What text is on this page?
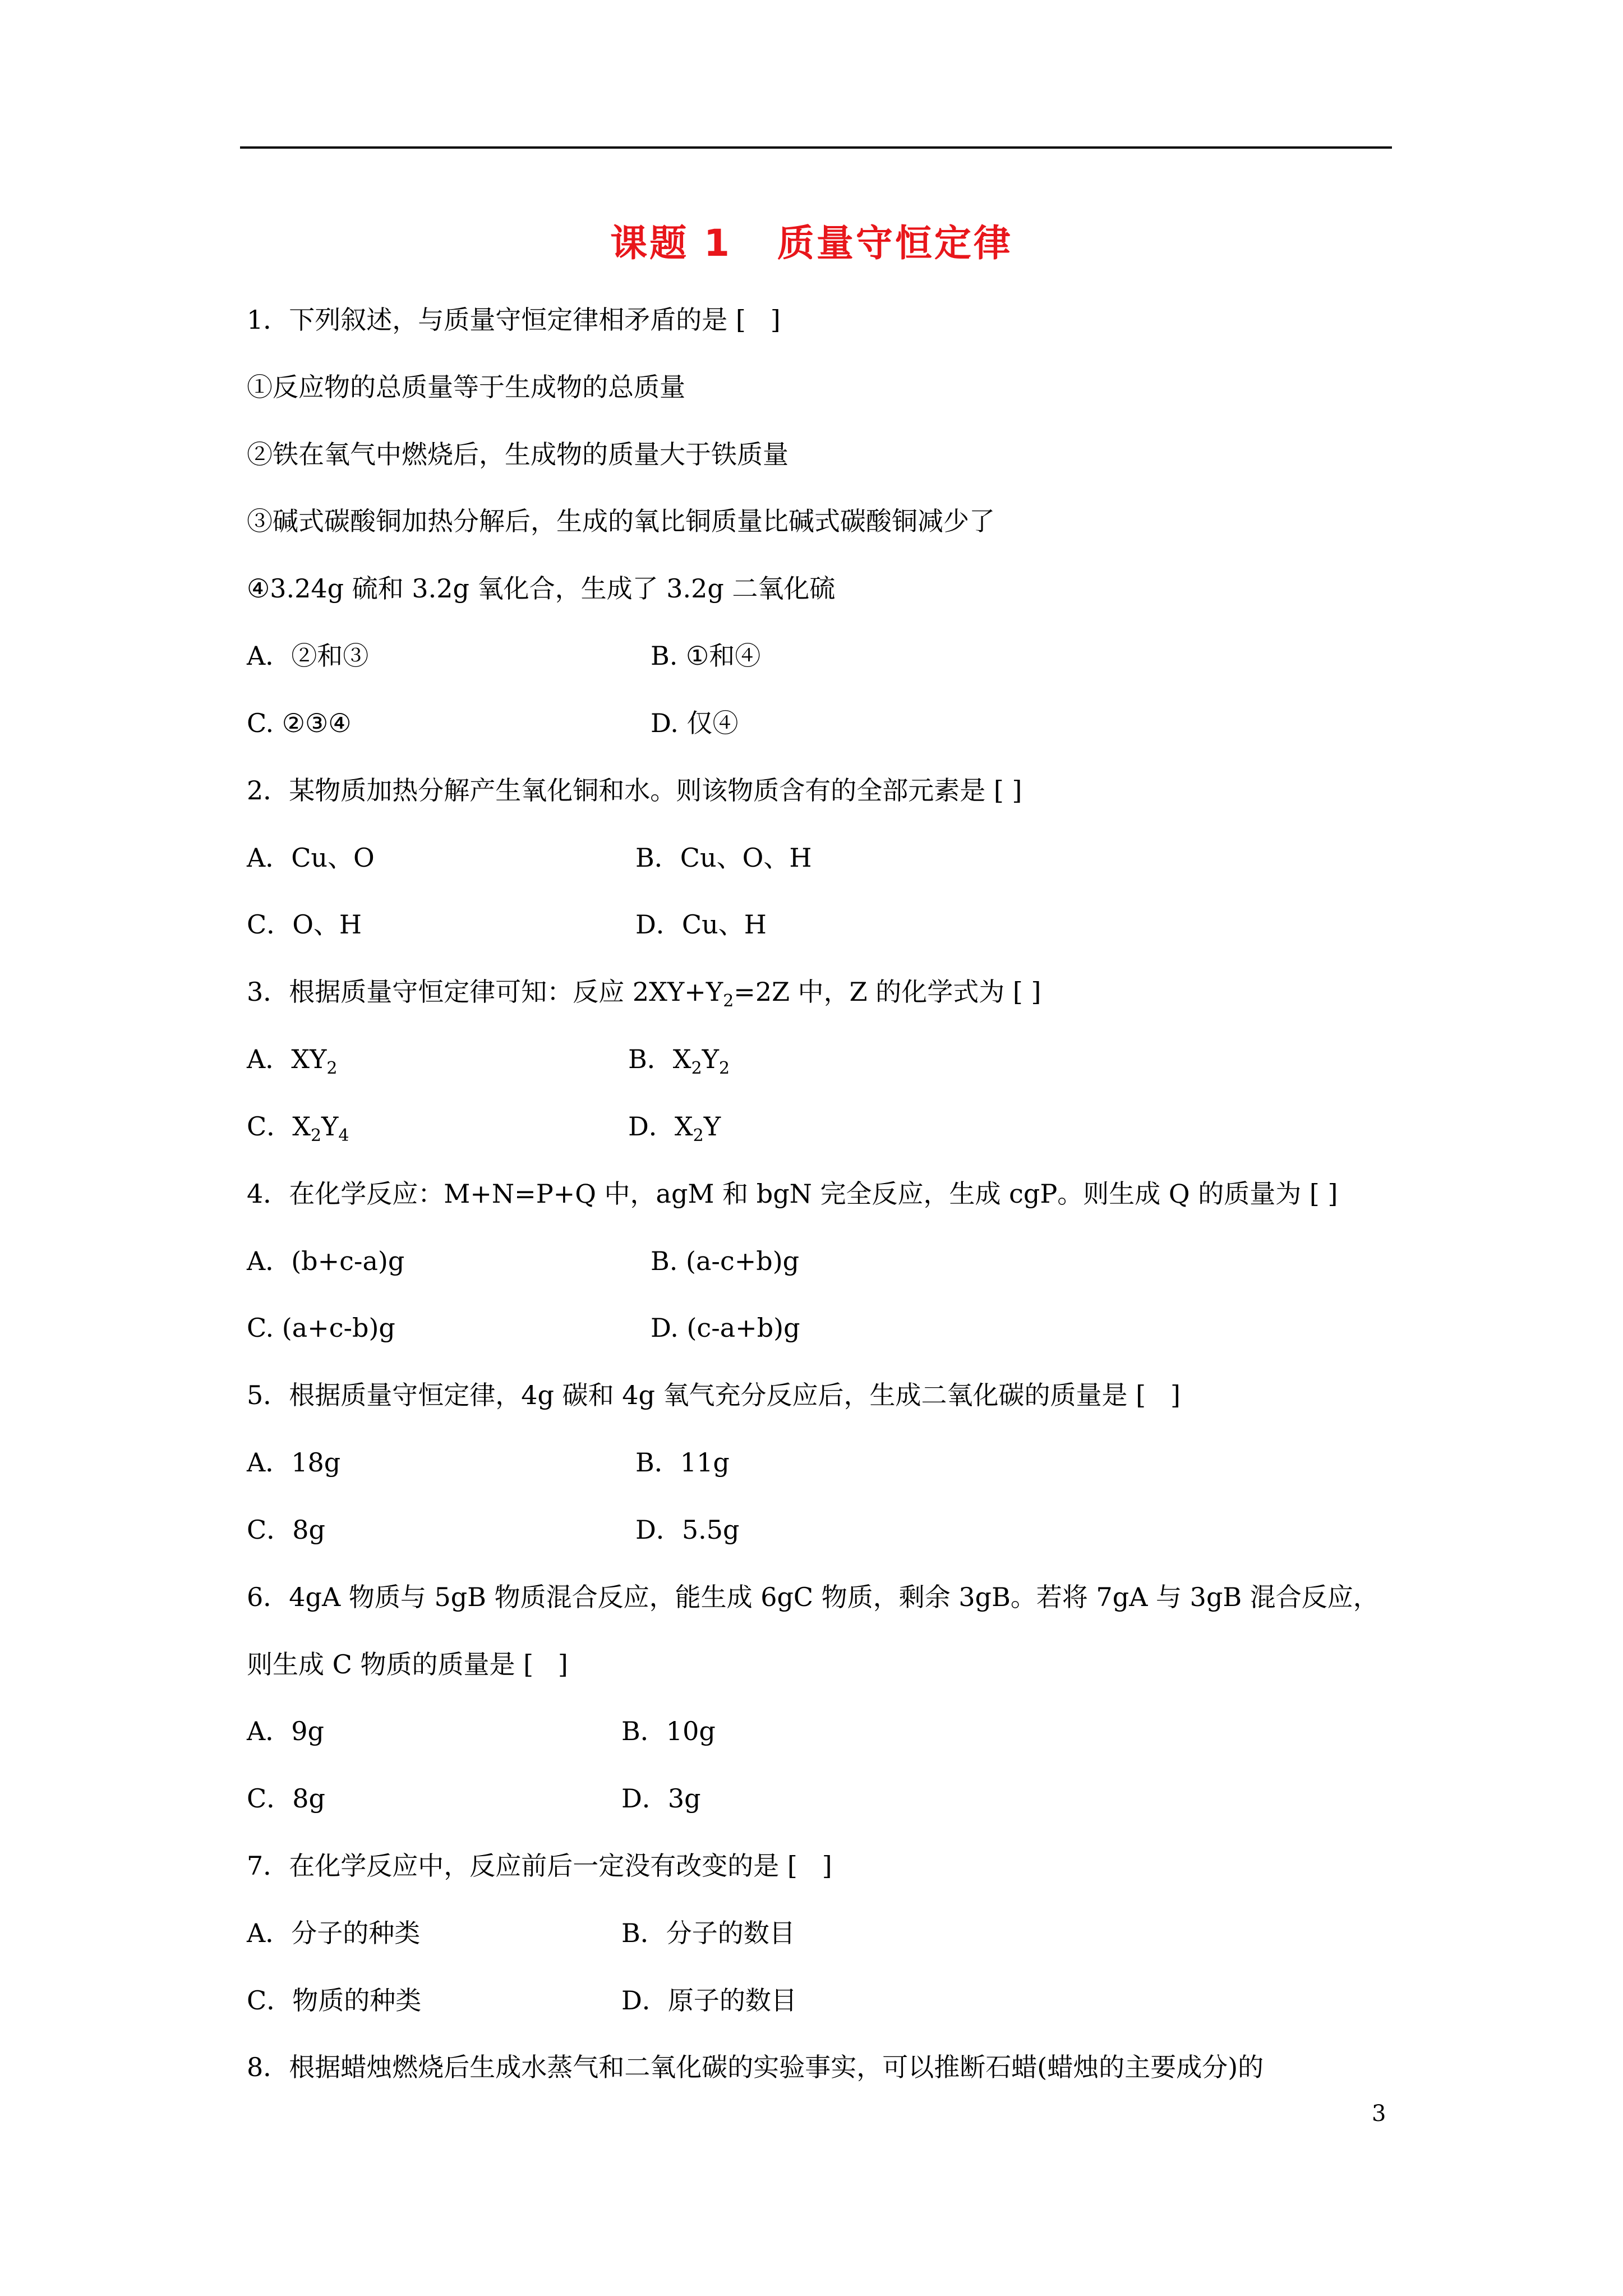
课题 1   质量守恒定律
1．下列叙述，与质量守恒定律相矛盾的是 [   ]
①反应物的总质量等于生成物的总质量
②铁在氧气中燃烧后，生成物的质量大于铁质量
③碱式碳酸铜加热分解后，生成的氧比铜质量比碱式碳酸铜减少了
④3.24g 硫和 3.2g 氧化合，生成了 3.2g 二氧化硫
A．②和③	B. ①和④
C. ②③④	D. 仅④
2．某物质加热分解产生氧化铜和水。则该物质含有的全部元素是 [ ]
A．Cu、O	B．Cu、O、H
C．O、H	D．Cu、H
3．根据质量守恒定律可知：反应 $2XY+Y_2=2Z$ 中，Z 的化学式为 [ ]
A．$XY_2$	B．$X_2Y_2$
C．$X_2Y_4$	D．$X_2Y$
4．在化学反应：M+N=P+Q 中，agM 和 bgN 完全反应，生成 cgP。则生成 Q 的质量为 [ ]
A．(b+c-a)g	B. (a-c+b)g
C. (a+c-b)g	D. (c-a+b)g
5．根据质量守恒定律，4g 碳和 4g 氧气充分反应后，生成二氧化碳的质量是 [   ]
A．18g	B．11g
C．8g	D．5.5g
6．4gA 物质与 5gB 物质混合反应，能生成 6gC 物质，剩余 3gB。若将 7gA 与 3gB 混合反应，
则生成 C 物质的质量是 [   ]
A．9g	B．10g
C．8g	D．3g
7．在化学反应中，反应前后一定没有改变的是 [   ]
A．分子的种类	B．分子的数目
C．物质的种类	D．原子的数目
8．根据蜡烛燃烧后生成水蒸气和二氧化碳的实验事实，可以推断石蜡(蜡烛的主要成分)的
3
